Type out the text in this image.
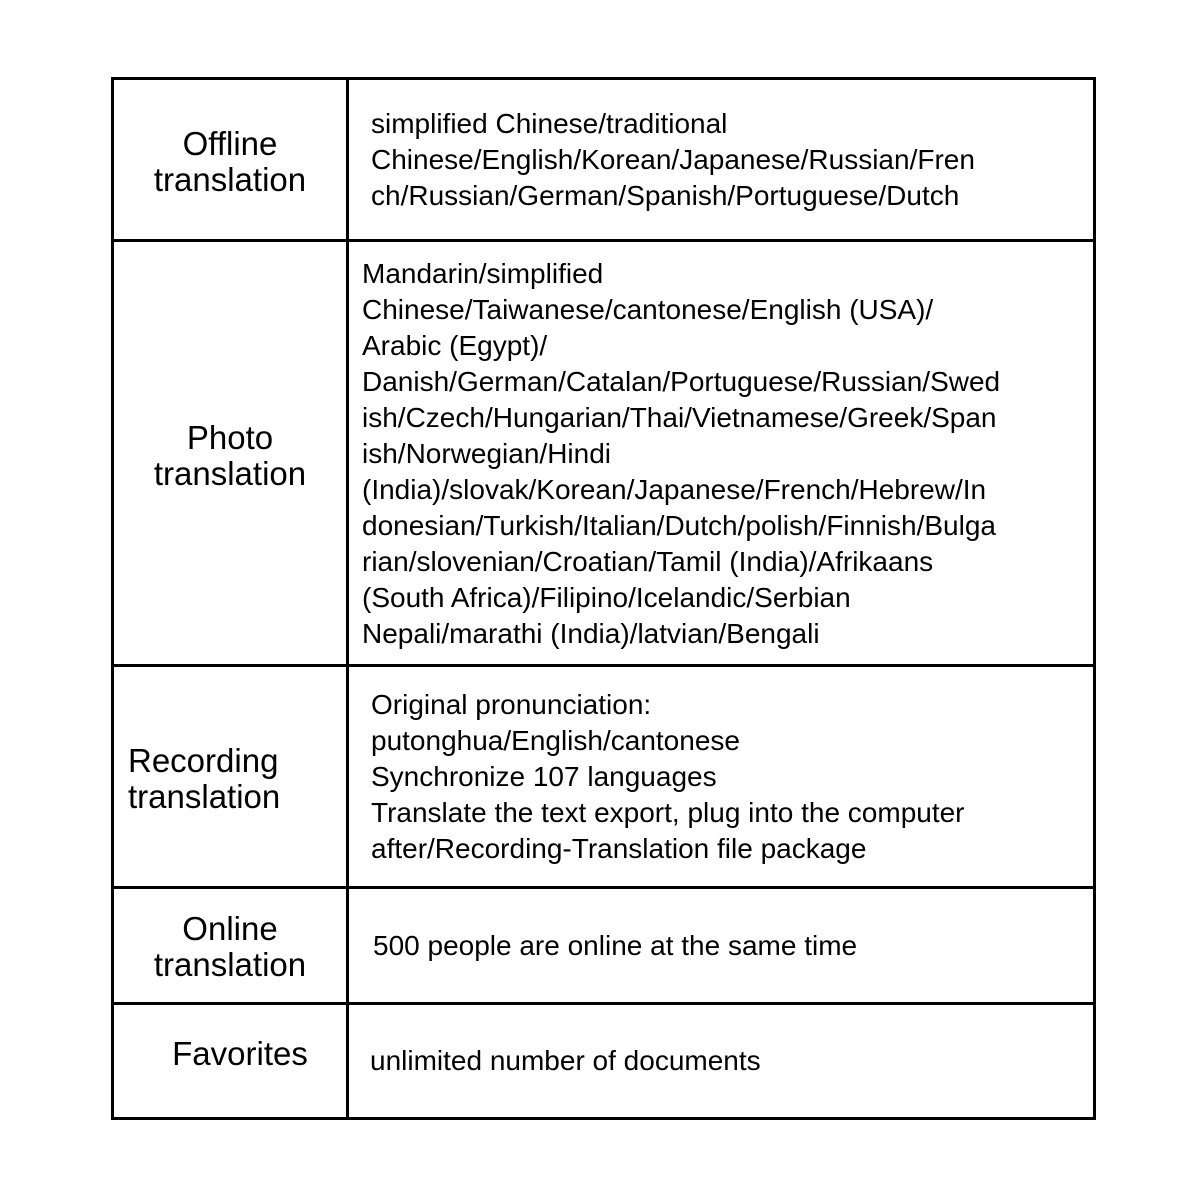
Offline
translation
simplified Chinese/traditional
Chinese/English/Korean/Japanese/Russian/Fren
ch/Russian/German/Spanish/Portuguese/Dutch
Photo
translation
Mandarin/simplified
Chinese/Taiwanese/cantonese/English (USA)/
Arabic (Egypt)/
Danish/German/Catalan/Portuguese/Russian/Swed
ish/Czech/Hungarian/Thai/Vietnamese/Greek/Span
ish/Norwegian/Hindi
(India)/slovak/Korean/Japanese/French/Hebrew/In
donesian/Turkish/Italian/Dutch/polish/Finnish/Bulga
rian/slovenian/Croatian/Tamil (India)/Afrikaans
(South Africa)/Filipino/Icelandic/Serbian
Nepali/marathi (India)/latvian/Bengali
Recording
translation
Original pronunciation:
putonghua/English/cantonese
Synchronize 107 languages
Translate the text export, plug into the computer
after/Recording-Translation file package
Online
translation
500 people are online at the same time
Favorites	unlimited number of documents
